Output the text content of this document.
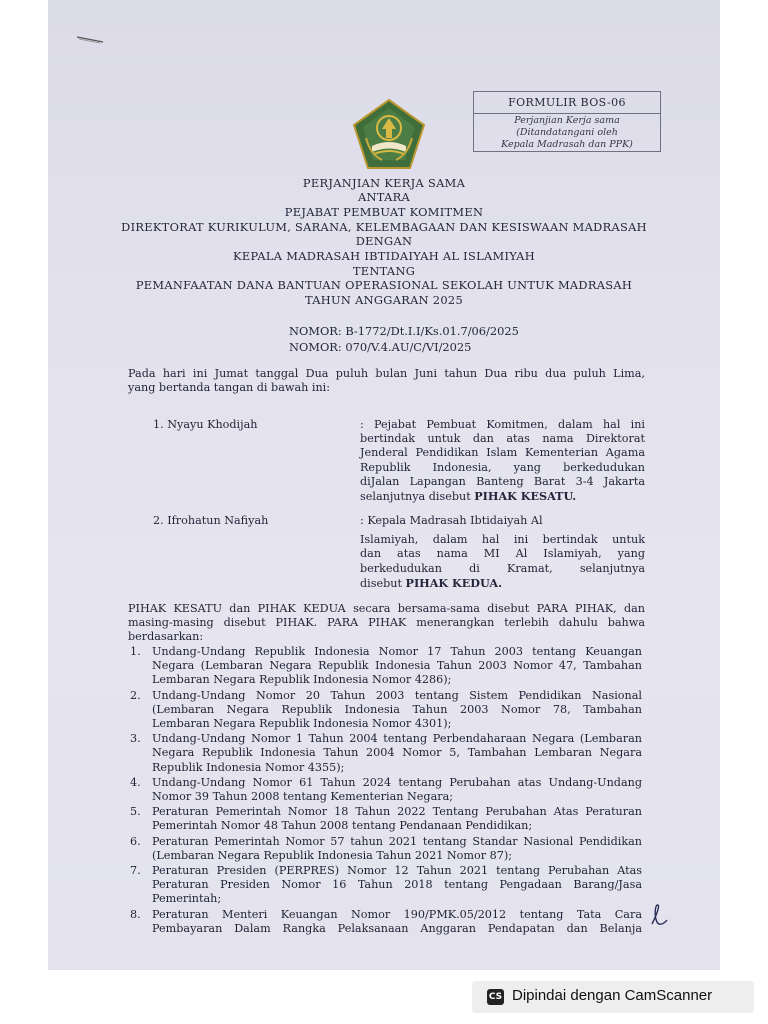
FORMULIR BOS-06
Perjanjian Kerja sama
(Ditandatangani oleh
Kepala Madrasah dan PPK)
PERJANJIAN KERJA SAMA
ANTARA
PEJABAT PEMBUAT KOMITMEN
DIREKTORAT KURIKULUM, SARANA, KELEMBAGAAN DAN KESISWAAN MADRASAH
DENGAN
KEPALA MADRASAH IBTIDAIYAH AL ISLAMIYAH
TENTANG
PEMANFAATAN DANA BANTUAN OPERASIONAL SEKOLAH UNTUK MADRASAH
TAHUN ANGGARAN 2025
NOMOR: B-1772/Dt.I.I/Ks.01.7/06/2025
NOMOR: 070/V.4.AU/C/VI/2025
Pada hari ini Jumat tanggal Dua puluh bulan Juni tahun Dua ribu dua puluh Lima,
yang bertanda tangan di bawah ini:
1. Nyayu Khodijah	: Pejabat Pembuat Komitmen, dalam hal ini
bertindak untuk dan atas nama Direktorat
Jenderal Pendidikan Islam Kementerian Agama
Republik Indonesia, yang berkedudukan
diJalan Lapangan Banteng Barat 3-4 Jakarta
selanjutnya disebut PIHAK KESATU.
2. Ifrohatun Nafiyah	: Kepala Madrasah Ibtidaiyah Al
Islamiyah, dalam hal ini bertindak untuk
dan atas nama MI Al Islamiyah, yang
berkedudukan di Kramat, selanjutnya
disebut PIHAK KEDUA.
PIHAK KESATU dan PIHAK KEDUA secara bersama-sama disebut PARA PIHAK, dan
masing-masing disebut PIHAK. PARA PIHAK menerangkan terlebih dahulu bahwa
berdasarkan:
1. Undang-Undang Republik Indonesia Nomor 17 Tahun 2003 tentang Keuangan
Negara (Lembaran Negara Republik Indonesia Tahun 2003 Nomor 47, Tambahan
Lembaran Negara Republik Indonesia Nomor 4286);
2. Undang-Undang Nomor 20 Tahun 2003 tentang Sistem Pendidikan Nasional
(Lembaran Negara Republik Indonesia Tahun 2003 Nomor 78, Tambahan
Lembaran Negara Republik Indonesia Nomor 4301);
3. Undang-Undang Nomor 1 Tahun 2004 tentang Perbendaharaan Negara (Lembaran
Negara Republik Indonesia Tahun 2004 Nomor 5, Tambahan Lembaran Negara
Republik Indonesia Nomor 4355);
4. Undang-Undang Nomor 61 Tahun 2024 tentang Perubahan atas Undang-Undang
Nomor 39 Tahun 2008 tentang Kementerian Negara;
5. Peraturan Pemerintah Nomor 18 Tahun 2022 Tentang Perubahan Atas Peraturan
Pemerintah Nomor 48 Tahun 2008 tentang Pendanaan Pendidikan;
6. Peraturan Pemerintah Nomor 57 tahun 2021 tentang Standar Nasional Pendidikan
(Lembaran Negara Republik Indonesia Tahun 2021 Nomor 87);
7. Peraturan Presiden (PERPRES) Nomor 12 Tahun 2021 tentang Perubahan Atas
Peraturan Presiden Nomor 16 Tahun 2018 tentang Pengadaan Barang/Jasa
Pemerintah;
8. Peraturan Menteri Keuangan Nomor 190/PMK.05/2012 tentang Tata Cara
Pembayaran Dalam Rangka Pelaksanaan Anggaran Pendapatan dan Belanja
CS Dipindai dengan CamScanner
